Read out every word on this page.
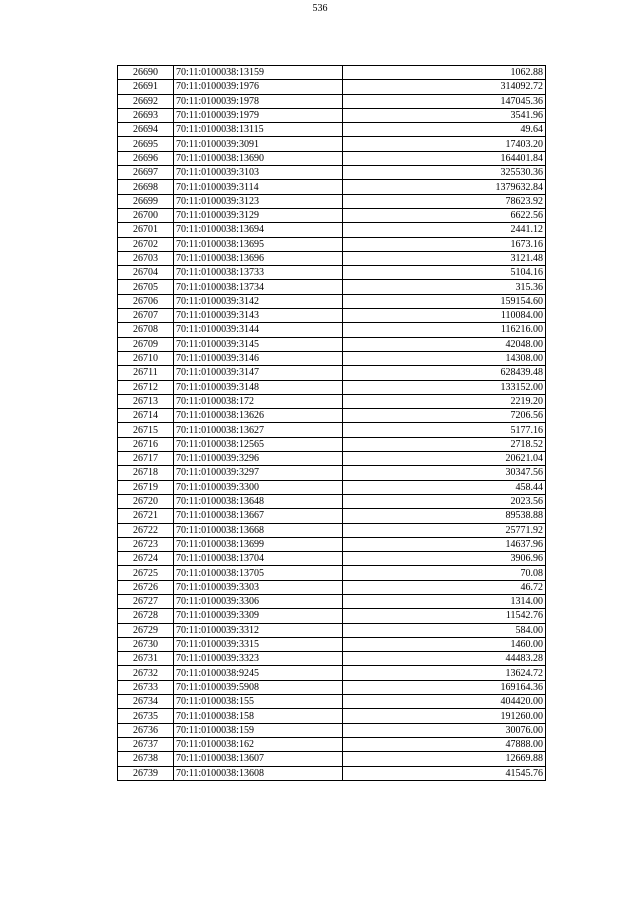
536
26690	70:11:0100038:13159	1062.88
26691	70:11:0100039:1976	314092.72
26692	70:11:0100039:1978	147045.36
26693	70:11:0100039:1979	3541.96
26694	70:11:0100038:13115	49.64
26695	70:11:0100039:3091	17403.20
26696	70:11:0100038:13690	164401.84
26697	70:11:0100039:3103	325530.36
26698	70:11:0100039:3114	1379632.84
26699	70:11:0100039:3123	78623.92
26700	70:11:0100039:3129	6622.56
26701	70:11:0100038:13694	2441.12
26702	70:11:0100038:13695	1673.16
26703	70:11:0100038:13696	3121.48
26704	70:11:0100038:13733	5104.16
26705	70:11:0100038:13734	315.36
26706	70:11:0100039:3142	159154.60
26707	70:11:0100039:3143	110084.00
26708	70:11:0100039:3144	116216.00
26709	70:11:0100039:3145	42048.00
26710	70:11:0100039:3146	14308.00
26711	70:11:0100039:3147	628439.48
26712	70:11:0100039:3148	133152.00
26713	70:11:0100038:172	2219.20
26714	70:11:0100038:13626	7206.56
26715	70:11:0100038:13627	5177.16
26716	70:11:0100038:12565	2718.52
26717	70:11:0100039:3296	20621.04
26718	70:11:0100039:3297	30347.56
26719	70:11:0100039:3300	458.44
26720	70:11:0100038:13648	2023.56
26721	70:11:0100038:13667	89538.88
26722	70:11:0100038:13668	25771.92
26723	70:11:0100038:13699	14637.96
26724	70:11:0100038:13704	3906.96
26725	70:11:0100038:13705	70.08
26726	70:11:0100039:3303	46.72
26727	70:11:0100039:3306	1314.00
26728	70:11:0100039:3309	11542.76
26729	70:11:0100039:3312	584.00
26730	70:11:0100039:3315	1460.00
26731	70:11:0100039:3323	44483.28
26732	70:11:0100038:9245	13624.72
26733	70:11:0100039:5908	169164.36
26734	70:11:0100038:155	404420.00
26735	70:11:0100038:158	191260.00
26736	70:11:0100038:159	30076.00
26737	70:11:0100038:162	47888.00
26738	70:11:0100038:13607	12669.88
26739	70:11:0100038:13608	41545.76
